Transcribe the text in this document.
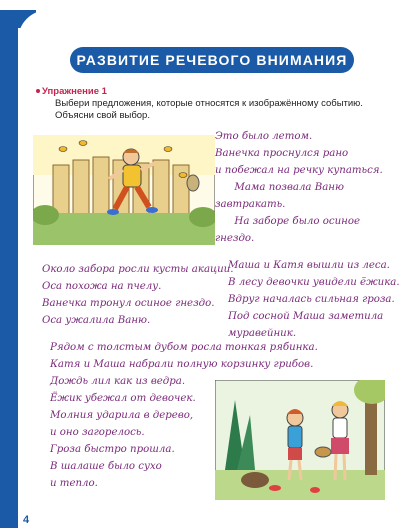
РАЗВИТИЕ РЕЧЕВОГО ВНИМАНИЯ
Упражнение 1
Выбери предложения, которые относятся к изображённому событию. Объясни свой выбор.
Это было летом.
Ванечка проснулся рано
и побежал на речку купаться.
Мама позвала Ваню
завтракать.
На заборе было осиное
гнездо.
Около забора росли кусты акации.
Оса похожа на пчелу.
Ванечка тронул осиное гнездо.
Оса ужалила Ваню.
Маша и Катя вышли из леса.
В лесу девочки увидели ёжика.
Вдруг началась сильная гроза.
Под сосной Маша заметила
муравейник.
Рядом с толстым дубом росла тонкая рябинка.
Катя и Маша набрали полную корзинку грибов.
Дождь лил как из ведра.
Ёжик убежал от девочек.
Молния ударила в дерево,
и оно загорелось.
Гроза быстро прошла.
В шалаше было сухо
и тепло.
4
